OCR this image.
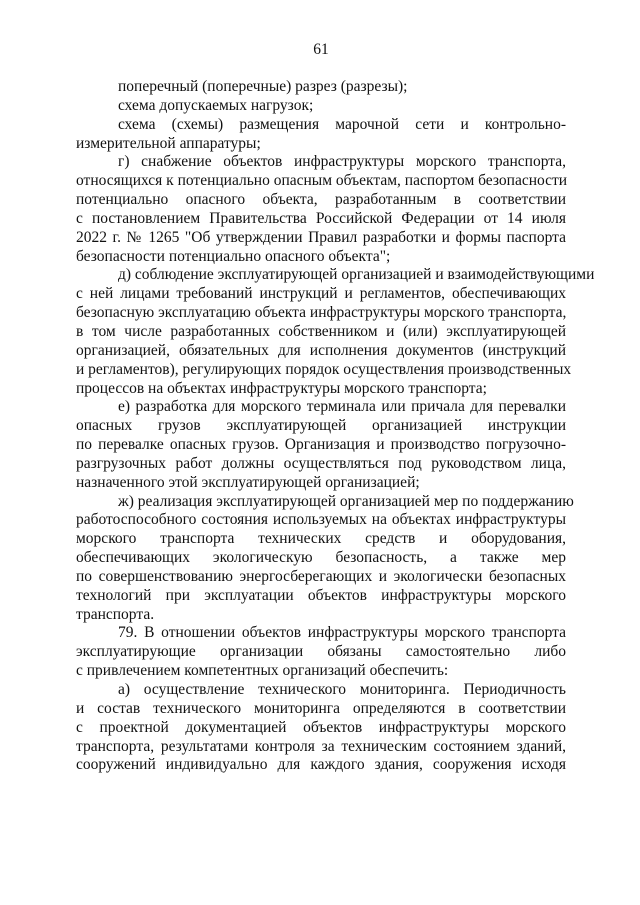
61
поперечный (поперечные) разрез (разрезы);
схема допускаемых нагрузок;
схема (схемы) размещения марочной сети и контрольно-
измерительной аппаратуры;
г) снабжение объектов инфраструктуры морского транспорта,
относящихся к потенциально опасным объектам, паспортом безопасности
потенциально опасного объекта, разработанным в соответствии
с постановлением Правительства Российской Федерации от 14 июля
2022 г. № 1265 "Об утверждении Правил разработки и формы паспорта
безопасности потенциально опасного объекта";
д) соблюдение эксплуатирующей организацией и взаимодействующими
с ней лицами требований инструкций и регламентов, обеспечивающих
безопасную эксплуатацию объекта инфраструктуры морского транспорта,
в том числе разработанных собственником и (или) эксплуатирующей
организацией, обязательных для исполнения документов (инструкций
и регламентов), регулирующих порядок осуществления производственных
процессов на объектах инфраструктуры морского транспорта;
е) разработка для морского терминала или причала для перевалки
опасных грузов эксплуатирующей организацией инструкции
по перевалке опасных грузов. Организация и производство погрузочно-
разгрузочных работ должны осуществляться под руководством лица,
назначенного этой эксплуатирующей организацией;
ж) реализация эксплуатирующей организацией мер по поддержанию
работоспособного состояния используемых на объектах инфраструктуры
морского транспорта технических средств и оборудования,
обеспечивающих экологическую безопасность, а также мер
по совершенствованию энергосберегающих и экологически безопасных
технологий при эксплуатации объектов инфраструктуры морского
транспорта.
79. В отношении объектов инфраструктуры морского транспорта
эксплуатирующие организации обязаны самостоятельно либо
с привлечением компетентных организаций обеспечить:
а) осуществление технического мониторинга. Периодичность
и состав технического мониторинга определяются в соответствии
с проектной документацией объектов инфраструктуры морского
транспорта, результатами контроля за техническим состоянием зданий,
сооружений индивидуально для каждого здания, сооружения исходя
